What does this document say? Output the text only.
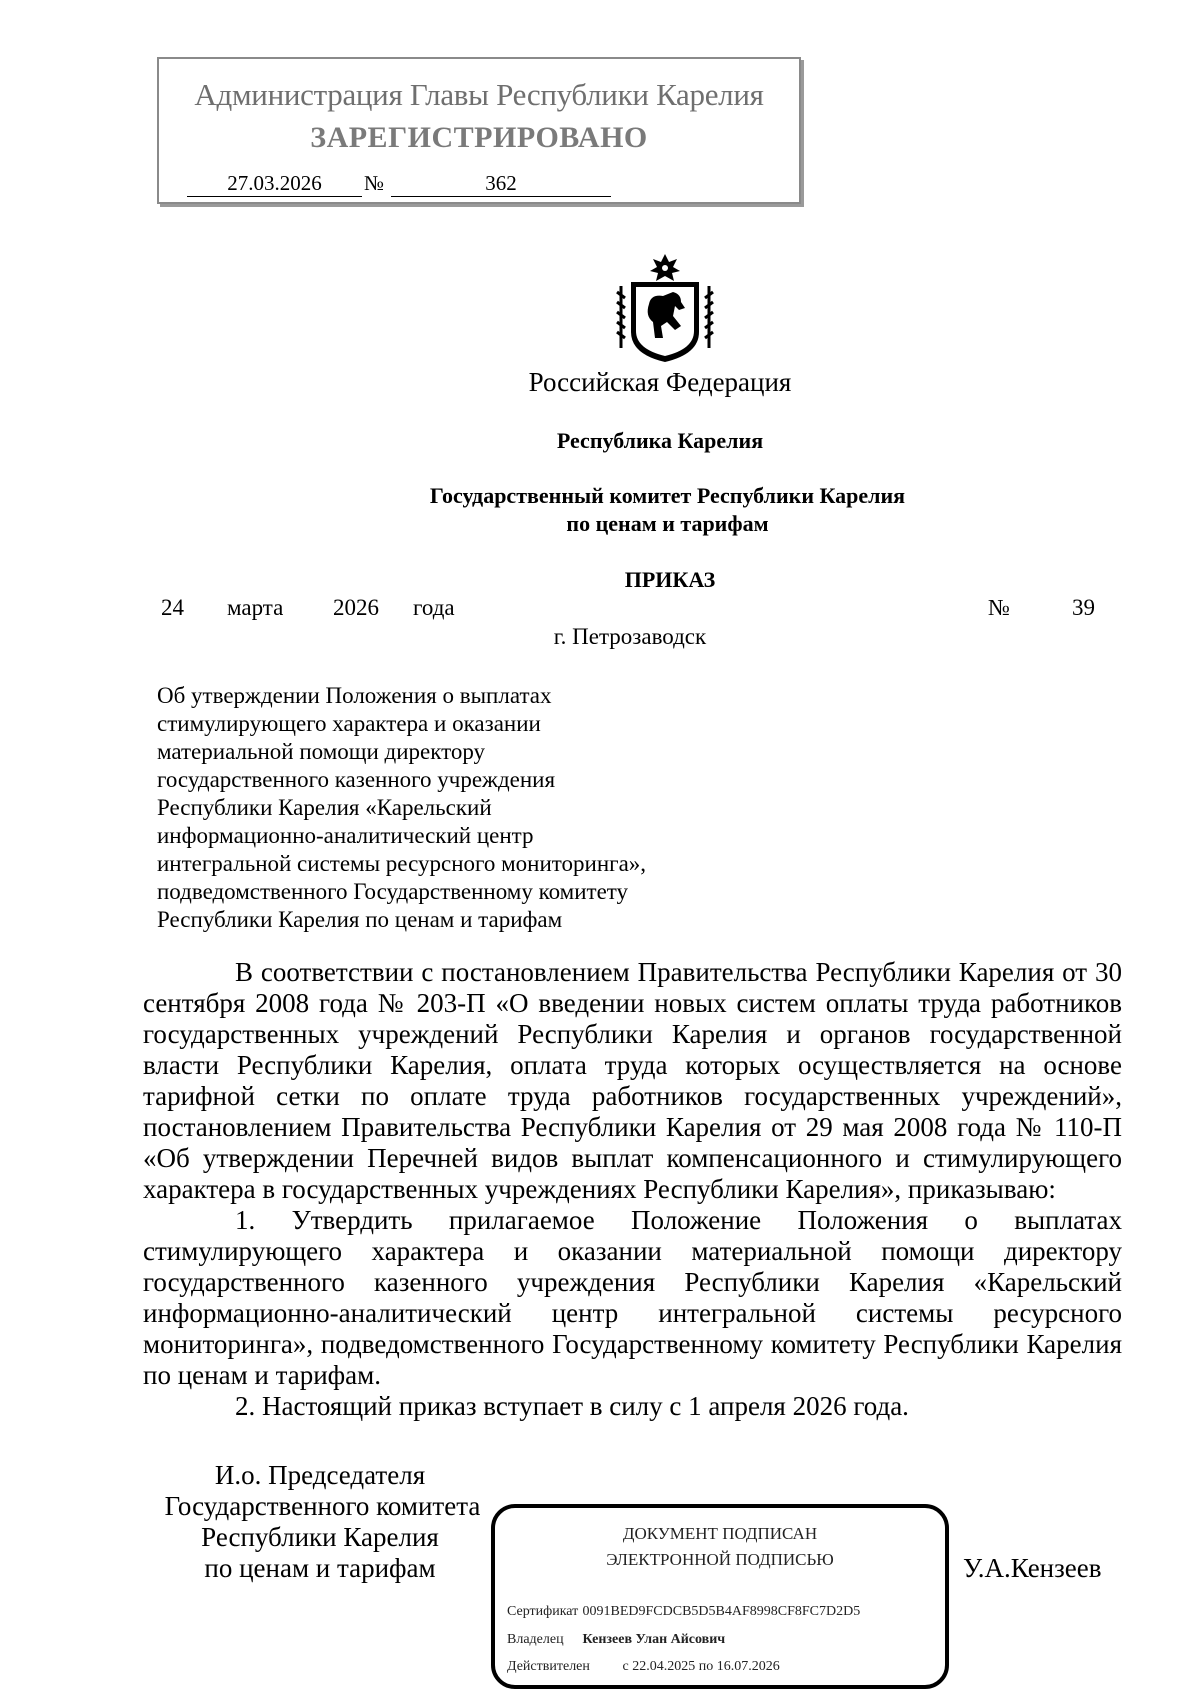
Администрация Главы Республики Карелия
ЗАРЕГИСТРИРОВАНО
27.03.2026	№	362
Российская Федерация
Республика Карелия
Государственный комитет Республики Карелия
по ценам и тарифам
ПРИКАЗ
24 марта 2026 года	№	39
г. Петрозаводск
Об утверждении Положения о выплатах
стимулирующего характера и оказании
материальной помощи директору
государственного казенного учреждения
Республики Карелия «Карельский
информационно-аналитический центр
интегральной системы ресурсного мониторинга»,
подведомственного Государственному комитету
Республики Карелия по ценам и тарифам

В соответствии с постановлением Правительства Республики Карелия от 30 сентября 2008 года № 203-П «О введении новых систем оплаты труда работников государственных учреждений Республики Карелия и органов государственной власти Республики Карелия, оплата труда которых осуществляется на основе тарифной сетки по оплате труда работников государственных учреждений», постановлением Правительства Республики Карелия от 29 мая 2008 года № 110-П «Об утверждении Перечней видов выплат компенсационного и стимулирующего характера в государственных учреждениях Республики Карелия», приказываю:

1. Утвердить прилагаемое Положение Положения о выплатах стимулирующего характера и оказании материальной помощи директору государственного казенного учреждения Республики Карелия «Карельский информационно-аналитический центр интегральной системы ресурсного мониторинга», подведомственного Государственному комитету Республики Карелия по ценам и тарифам.

2. Настоящий приказ вступает в силу с 1 апреля 2026 года.

И.о. Председателя
Государственного комитета
Республики Карелия
по ценам и тарифам	У.А.Кензеев
ДОКУМЕНТ ПОДПИСАН
ЭЛЕКТРОННОЙ ПОДПИСЬЮ
Сертификат 0091BED9FCDCB5D5B4AF8998CF8FC7D2D5
Владелец Кензеев Улан Айсович
Действителен с 22.04.2025 по 16.07.2026
